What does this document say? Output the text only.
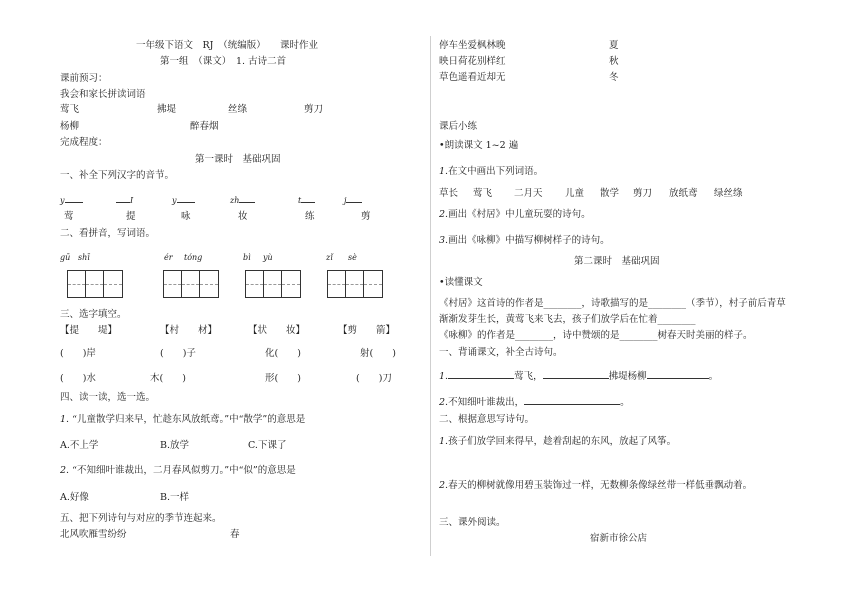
一年级下语文　RJ　（统编版）　　课时作业
第一组　（课文）　1. 古诗二首
课前预习：
我会和家长拼读词语
莺飞	拂堤	丝绦	剪刀
杨柳	醉春烟
完成程度：
第一课时　基础巩固
一、补全下列汉字的音节。
y	I	y	zh	t	j
莺	提	咏	妆	练	剪
二、看拼音，写词语。
gū shī	ér tóng	bì yù	zǐ sè
三、选字填空。
【提　　堤】	【村　　材】	【状　　妆】	【剪　　箭】
(　　)岸	(　　)子	化(　　)	射(　　)
(　　)水	木(　　)	形(　　)	(　　)刀
四、读一读，选一选。
1. “儿童散学归来早，忙趁东风放纸鸢。”中“散学”的意思是
A.不上学	B.放学	C.下课了
2. “不知细叶谁裁出，二月春风似剪刀。”中“似”的意思是
A.好像	B.一样
五、把下列诗句与对应的季节连起来。
北风吹雁雪纷纷	春
停车坐爱枫林晚	夏
映日荷花别样红	秋
草色遥看近却无	冬
课后小练
•朗读课文 1~2 遍
1.在文中画出下列词语。
草长 莺飞 二月天 儿童 散学 剪刀 放纸鸢 绿丝绦
2.画出《村居》中儿童玩耍的诗句。
3.画出《咏柳》中描写柳树样子的诗句。
第二课时　基础巩固
•读懂课文
《村居》这首诗的作者是________，诗歌描写的是________（季节），村子前后青草
渐渐发芽生长，黄莺飞来飞去，孩子们放学后在忙着________
《咏柳》的作者是________，诗中赞颂的是________树春天时美丽的样子。
一、背诵课文，补全古诗句。
1.	莺飞，	拂堤杨柳	。
2.不知细叶谁裁出，	。
二、根据意思写诗句。
1.孩子们放学回来得早，趁着刮起的东风，放起了风筝。
2.春天的柳树就像用碧玉装饰过一样，无数柳条像绿丝带一样低垂飘动着。
三、课外阅读。
宿新市徐公店
